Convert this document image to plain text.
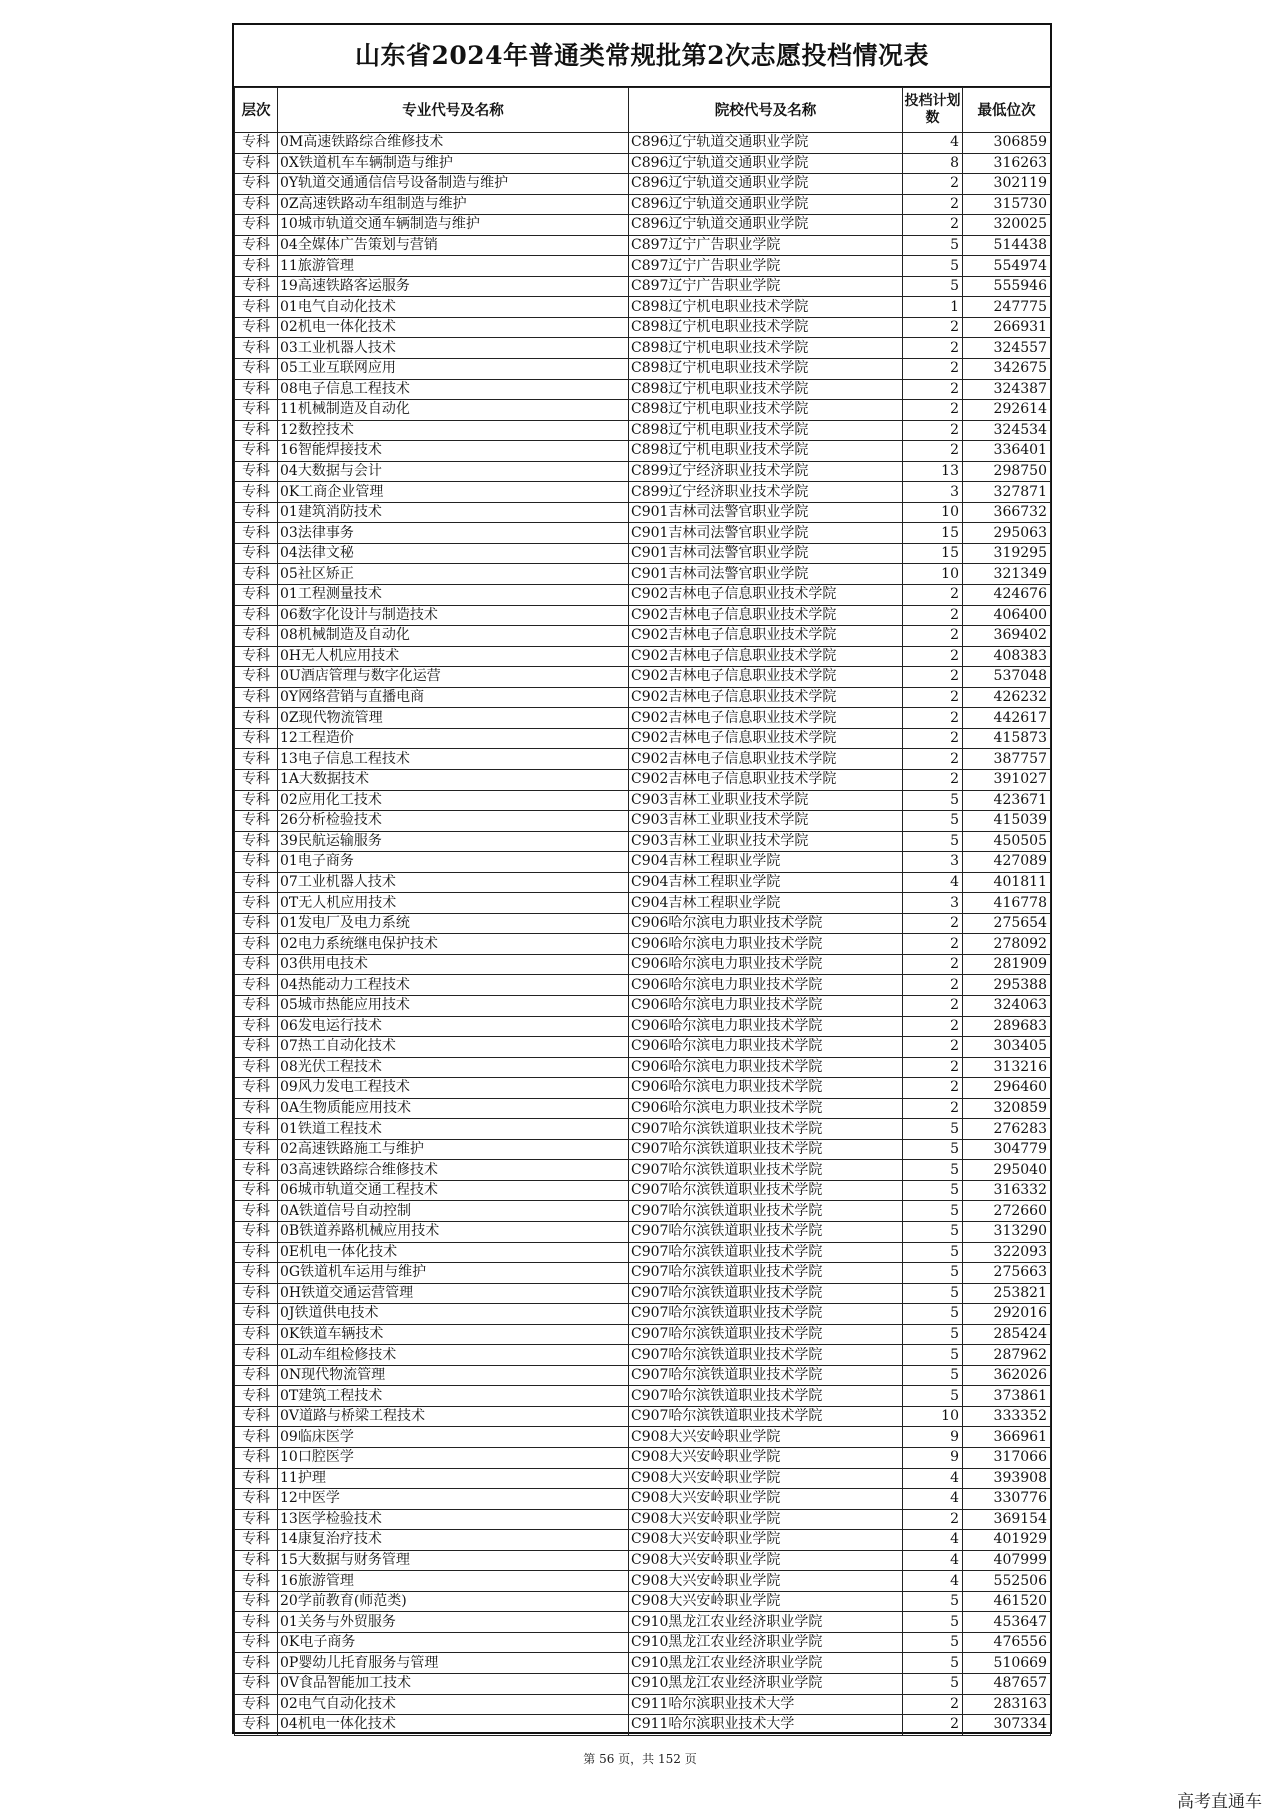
山东省2024年普通类常规批第2次志愿投档情况表
层次	专业代号及名称	院校代号及名称	投档计划数	最低位次
专科	0M高速铁路综合维修技术	C896辽宁轨道交通职业学院	4	306859
专科	0X铁道机车车辆制造与维护	C896辽宁轨道交通职业学院	8	316263
专科	0Y轨道交通通信信号设备制造与维护	C896辽宁轨道交通职业学院	2	302119
专科	0Z高速铁路动车组制造与维护	C896辽宁轨道交通职业学院	2	315730
专科	10城市轨道交通车辆制造与维护	C896辽宁轨道交通职业学院	2	320025
专科	04全媒体广告策划与营销	C897辽宁广告职业学院	5	514438
专科	11旅游管理	C897辽宁广告职业学院	5	554974
专科	19高速铁路客运服务	C897辽宁广告职业学院	5	555946
专科	01电气自动化技术	C898辽宁机电职业技术学院	1	247775
专科	02机电一体化技术	C898辽宁机电职业技术学院	2	266931
专科	03工业机器人技术	C898辽宁机电职业技术学院	2	324557
专科	05工业互联网应用	C898辽宁机电职业技术学院	2	342675
专科	08电子信息工程技术	C898辽宁机电职业技术学院	2	324387
专科	11机械制造及自动化	C898辽宁机电职业技术学院	2	292614
专科	12数控技术	C898辽宁机电职业技术学院	2	324534
专科	16智能焊接技术	C898辽宁机电职业技术学院	2	336401
专科	04大数据与会计	C899辽宁经济职业技术学院	13	298750
专科	0K工商企业管理	C899辽宁经济职业技术学院	3	327871
专科	01建筑消防技术	C901吉林司法警官职业学院	10	366732
专科	03法律事务	C901吉林司法警官职业学院	15	295063
专科	04法律文秘	C901吉林司法警官职业学院	15	319295
专科	05社区矫正	C901吉林司法警官职业学院	10	321349
专科	01工程测量技术	C902吉林电子信息职业技术学院	2	424676
专科	06数字化设计与制造技术	C902吉林电子信息职业技术学院	2	406400
专科	08机械制造及自动化	C902吉林电子信息职业技术学院	2	369402
专科	0H无人机应用技术	C902吉林电子信息职业技术学院	2	408383
专科	0U酒店管理与数字化运营	C902吉林电子信息职业技术学院	2	537048
专科	0Y网络营销与直播电商	C902吉林电子信息职业技术学院	2	426232
专科	0Z现代物流管理	C902吉林电子信息职业技术学院	2	442617
专科	12工程造价	C902吉林电子信息职业技术学院	2	415873
专科	13电子信息工程技术	C902吉林电子信息职业技术学院	2	387757
专科	1A大数据技术	C902吉林电子信息职业技术学院	2	391027
专科	02应用化工技术	C903吉林工业职业技术学院	5	423671
专科	26分析检验技术	C903吉林工业职业技术学院	5	415039
专科	39民航运输服务	C903吉林工业职业技术学院	5	450505
专科	01电子商务	C904吉林工程职业学院	3	427089
专科	07工业机器人技术	C904吉林工程职业学院	4	401811
专科	0T无人机应用技术	C904吉林工程职业学院	3	416778
专科	01发电厂及电力系统	C906哈尔滨电力职业技术学院	2	275654
专科	02电力系统继电保护技术	C906哈尔滨电力职业技术学院	2	278092
专科	03供用电技术	C906哈尔滨电力职业技术学院	2	281909
专科	04热能动力工程技术	C906哈尔滨电力职业技术学院	2	295388
专科	05城市热能应用技术	C906哈尔滨电力职业技术学院	2	324063
专科	06发电运行技术	C906哈尔滨电力职业技术学院	2	289683
专科	07热工自动化技术	C906哈尔滨电力职业技术学院	2	303405
专科	08光伏工程技术	C906哈尔滨电力职业技术学院	2	313216
专科	09风力发电工程技术	C906哈尔滨电力职业技术学院	2	296460
专科	0A生物质能应用技术	C906哈尔滨电力职业技术学院	2	320859
专科	01铁道工程技术	C907哈尔滨铁道职业技术学院	5	276283
专科	02高速铁路施工与维护	C907哈尔滨铁道职业技术学院	5	304779
专科	03高速铁路综合维修技术	C907哈尔滨铁道职业技术学院	5	295040
专科	06城市轨道交通工程技术	C907哈尔滨铁道职业技术学院	5	316332
专科	0A铁道信号自动控制	C907哈尔滨铁道职业技术学院	5	272660
专科	0B铁道养路机械应用技术	C907哈尔滨铁道职业技术学院	5	313290
专科	0E机电一体化技术	C907哈尔滨铁道职业技术学院	5	322093
专科	0G铁道机车运用与维护	C907哈尔滨铁道职业技术学院	5	275663
专科	0H铁道交通运营管理	C907哈尔滨铁道职业技术学院	5	253821
专科	0J铁道供电技术	C907哈尔滨铁道职业技术学院	5	292016
专科	0K铁道车辆技术	C907哈尔滨铁道职业技术学院	5	285424
专科	0L动车组检修技术	C907哈尔滨铁道职业技术学院	5	287962
专科	0N现代物流管理	C907哈尔滨铁道职业技术学院	5	362026
专科	0T建筑工程技术	C907哈尔滨铁道职业技术学院	5	373861
专科	0V道路与桥梁工程技术	C907哈尔滨铁道职业技术学院	10	333352
专科	09临床医学	C908大兴安岭职业学院	9	366961
专科	10口腔医学	C908大兴安岭职业学院	9	317066
专科	11护理	C908大兴安岭职业学院	4	393908
专科	12中医学	C908大兴安岭职业学院	4	330776
专科	13医学检验技术	C908大兴安岭职业学院	2	369154
专科	14康复治疗技术	C908大兴安岭职业学院	4	401929
专科	15大数据与财务管理	C908大兴安岭职业学院	4	407999
专科	16旅游管理	C908大兴安岭职业学院	4	552506
专科	20学前教育(师范类)	C908大兴安岭职业学院	5	461520
专科	01关务与外贸服务	C910黑龙江农业经济职业学院	5	453647
专科	0K电子商务	C910黑龙江农业经济职业学院	5	476556
专科	0P婴幼儿托育服务与管理	C910黑龙江农业经济职业学院	5	510669
专科	0V食品智能加工技术	C910黑龙江农业经济职业学院	5	487657
专科	02电气自动化技术	C911哈尔滨职业技术大学	2	283163
专科	04机电一体化技术	C911哈尔滨职业技术大学	2	307334
第 56 页，共 152 页
高考直通车
